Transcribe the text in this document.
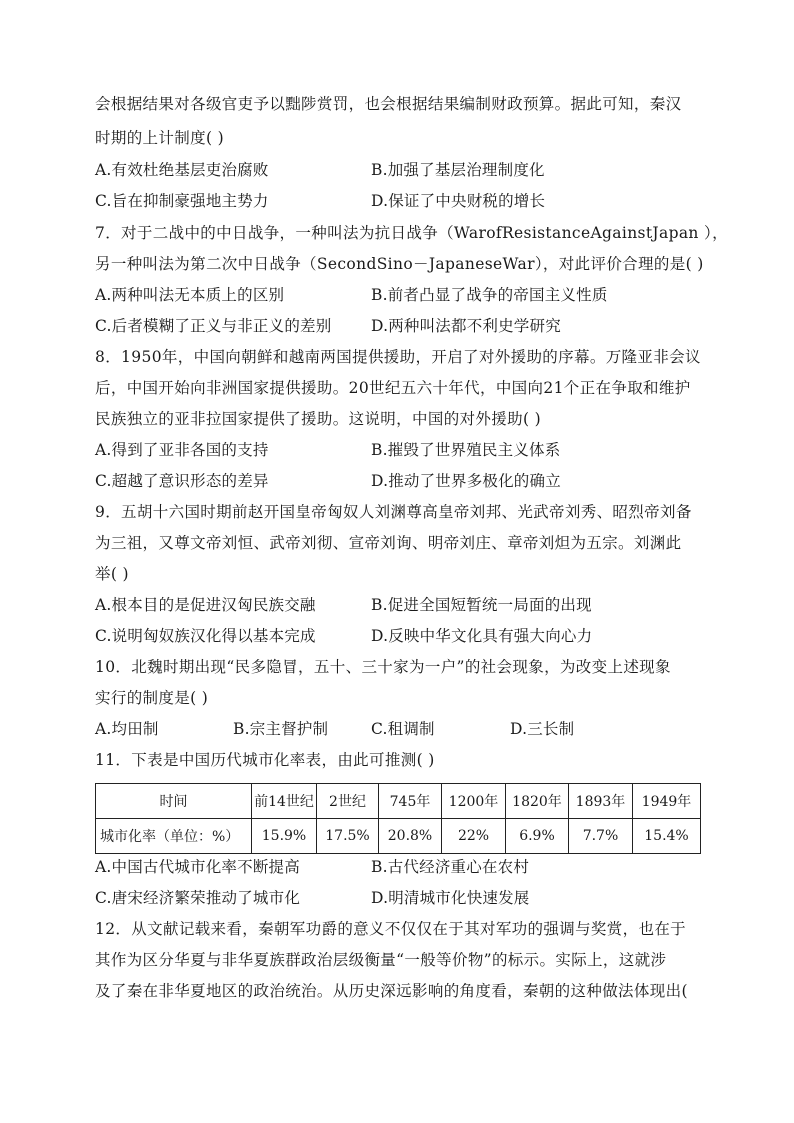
会根据结果对各级官吏予以黜陟赏罚，也会根据结果编制财政预算。据此可知，秦汉
时期的上计制度( )
A.有效杜绝基层吏治腐败	B.加强了基层治理制度化
C.旨在抑制豪强地主势力	D.保证了中央财税的增长
7．对于二战中的中日战争，一种叫法为抗日战争（WarofResistanceAgainstJapan ），
另一种叫法为第二次中日战争（SecondSino－JapaneseWar），对此评价合理的是( )
A.两种叫法无本质上的区别	B.前者凸显了战争的帝国主义性质
C.后者模糊了正义与非正义的差别	D.两种叫法都不利史学研究
8．1950年，中国向朝鲜和越南两国提供援助，开启了对外援助的序幕。万隆亚非会议
后，中国开始向非洲国家提供援助。20世纪五六十年代，中国向21个正在争取和维护
民族独立的亚非拉国家提供了援助。这说明，中国的对外援助( )
A.得到了亚非各国的支持	B.摧毁了世界殖民主义体系
C.超越了意识形态的差异	D.推动了世界多极化的确立
9．五胡十六国时期前赵开国皇帝匈奴人刘渊尊高皇帝刘邦、光武帝刘秀、昭烈帝刘备
为三祖，又尊文帝刘恒、武帝刘彻、宣帝刘询、明帝刘庄、章帝刘炟为五宗。刘渊此
举( )
A.根本目的是促进汉匈民族交融	B.促进全国短暂统一局面的出现
C.说明匈奴族汉化得以基本完成	D.反映中华文化具有强大向心力
10．北魏时期出现“民多隐冒，五十、三十家为一户”的社会现象，为改变上述现象
实行的制度是( )
A.均田制	B.宗主督护制	C.租调制	D.三长制
11．下表是中国历代城市化率表，由此可推测( )
时间	前14世纪	2世纪	745年	1200年	1820年	1893年	1949年
城市化率（单位：%）	15.9%	17.5%	20.8%	22%	6.9%	7.7%	15.4%
A.中国古代城市化率不断提高	B.古代经济重心在农村
C.唐宋经济繁荣推动了城市化	D.明清城市化快速发展
12．从文献记载来看，秦朝军功爵的意义不仅仅在于其对军功的强调与奖赏，也在于
其作为区分华夏与非华夏族群政治层级衡量“一般等价物”的标示。实际上，这就涉
及了秦在非华夏地区的政治统治。从历史深远影响的角度看，秦朝的这种做法体现出(
